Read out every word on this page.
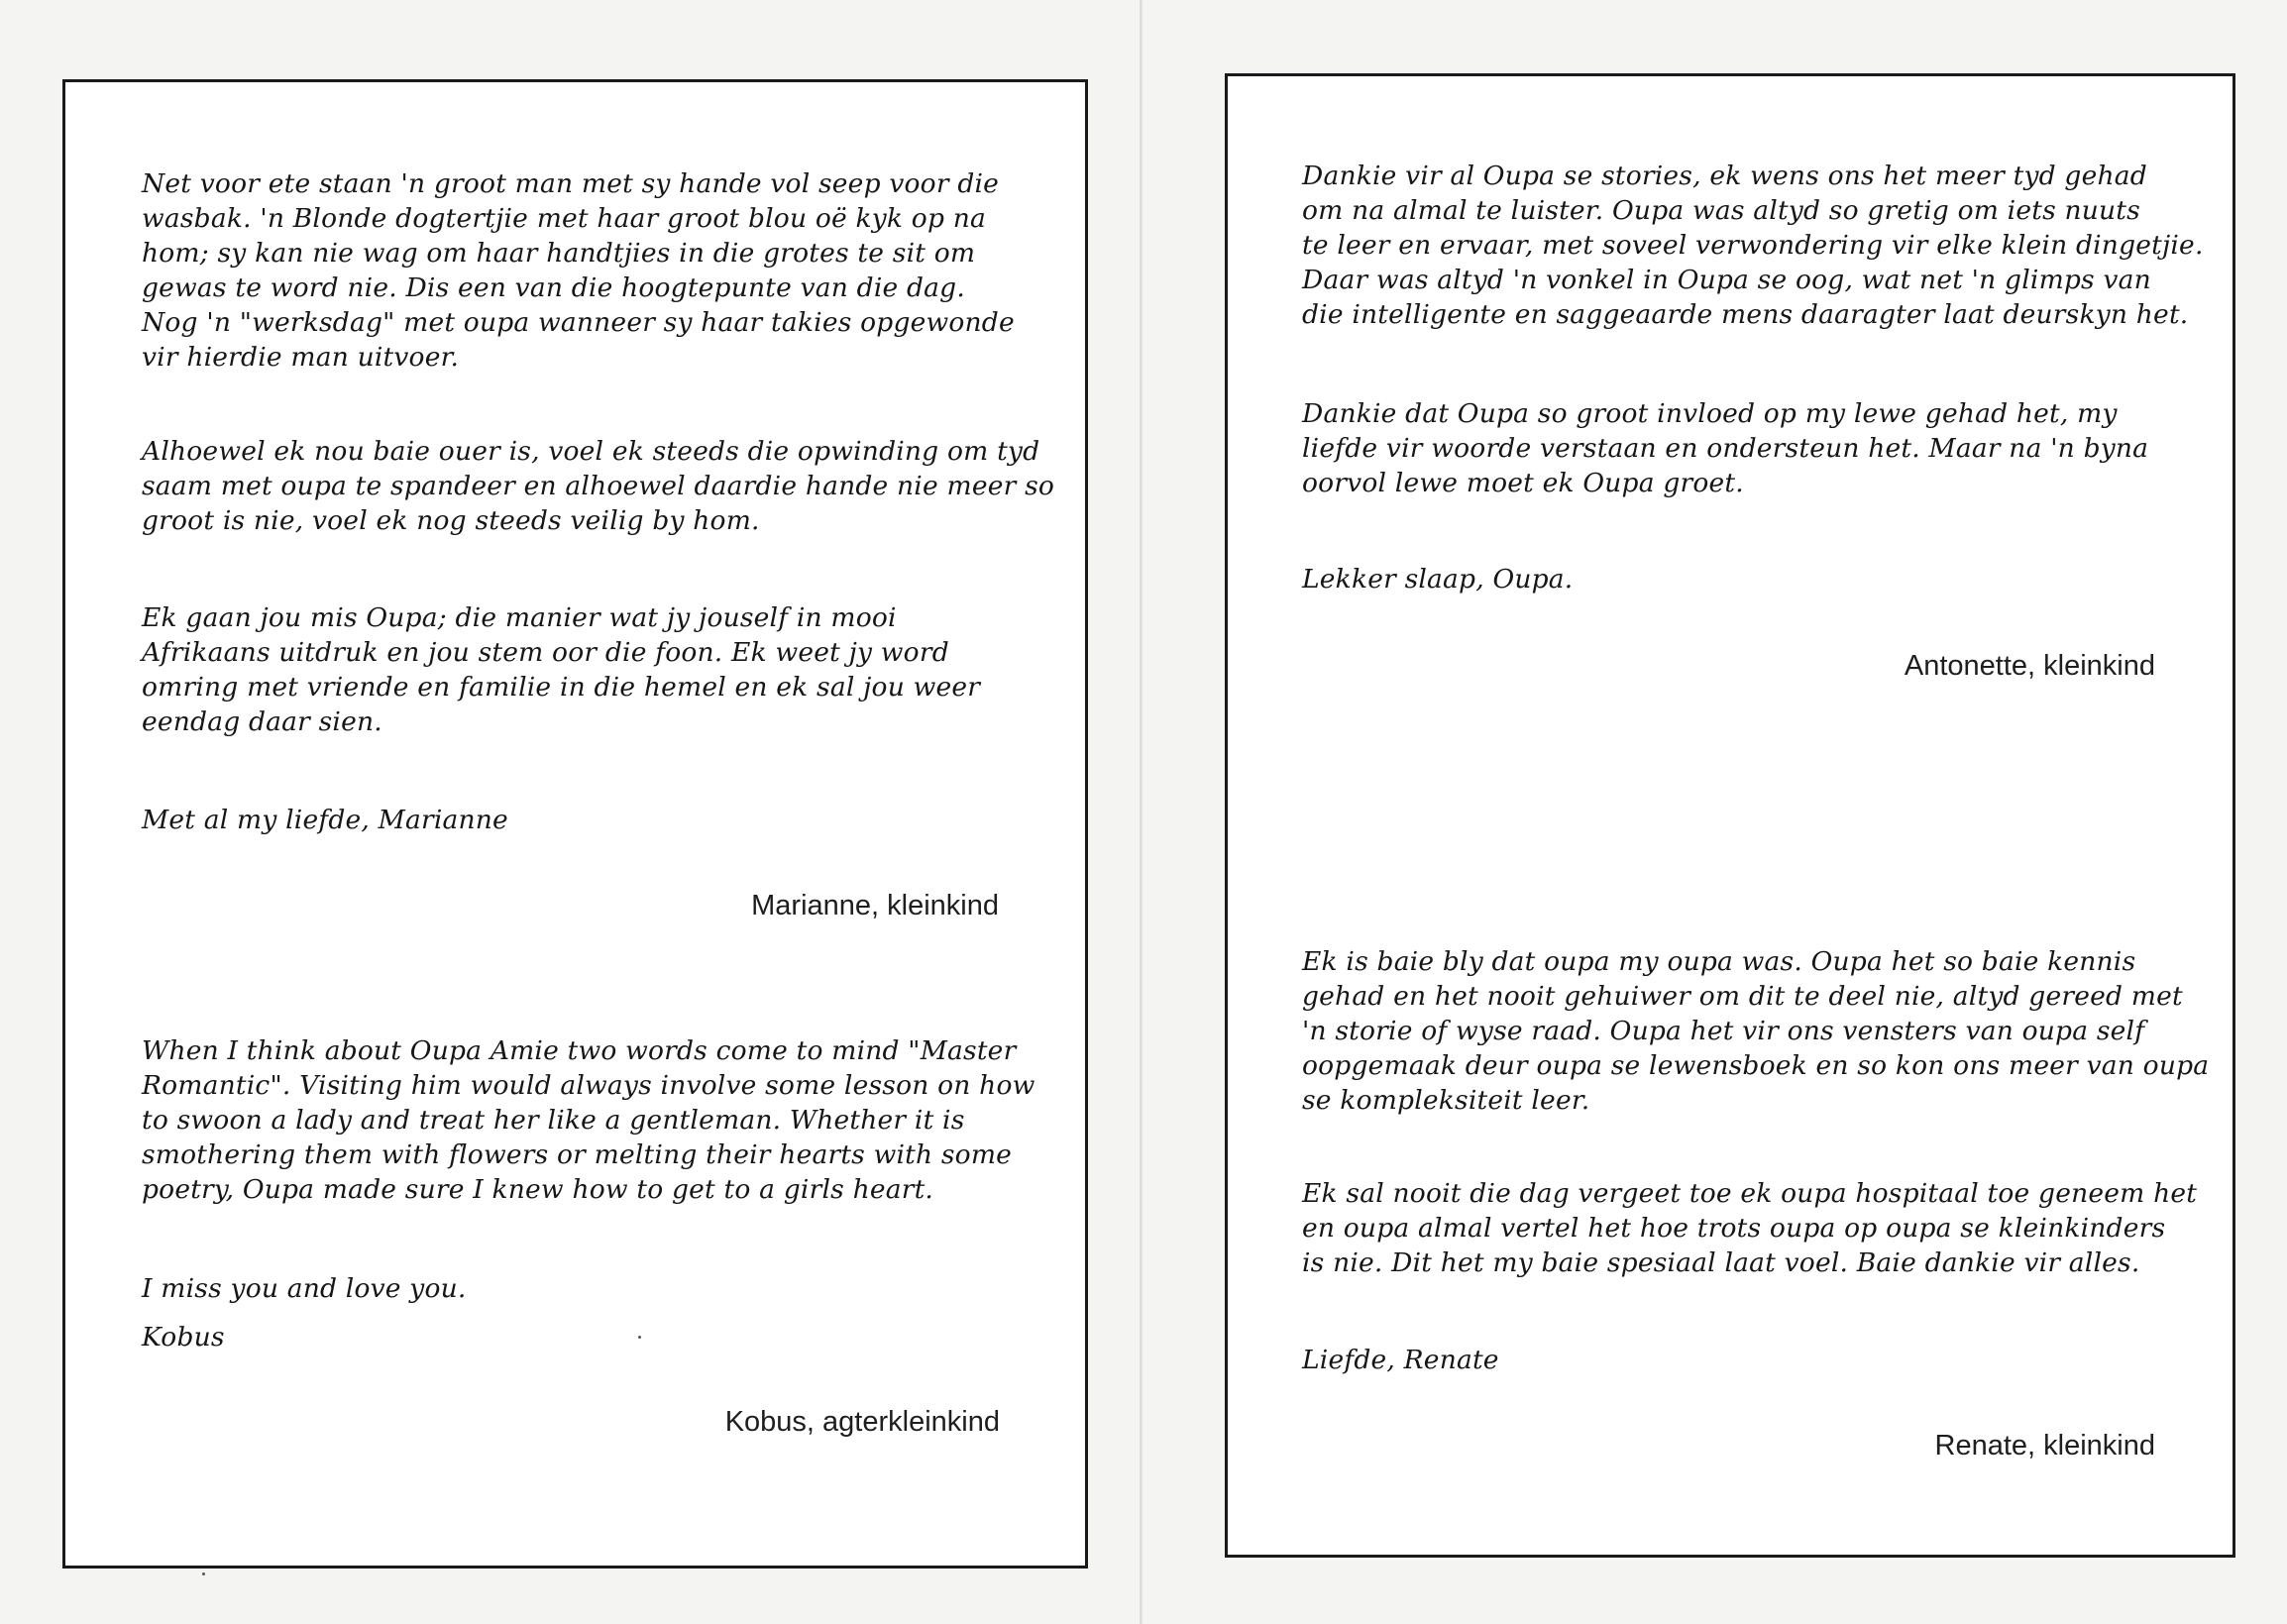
Net voor ete staan 'n groot man met sy hande vol seep voor die
wasbak. 'n Blonde dogtertjie met haar groot blou oë kyk op na
hom; sy kan nie wag om haar handtjies in die grotes te sit om
gewas te word nie. Dis een van die hoogtepunte van die dag.
Nog 'n "werksdag" met oupa wanneer sy haar takies opgewonde
vir hierdie man uitvoer.

Alhoewel ek nou baie ouer is, voel ek steeds die opwinding om tyd
saam met oupa te spandeer en alhoewel daardie hande nie meer so
groot is nie, voel ek nog steeds veilig by hom.

Ek gaan jou mis Oupa; die manier wat jy jouself in mooi
Afrikaans uitdruk en jou stem oor die foon. Ek weet jy word
omring met vriende en familie in die hemel en ek sal jou weer
eendag daar sien.

Met al my liefde, Marianne

Marianne, kleinkind

When I think about Oupa Amie two words come to mind "Master
Romantic". Visiting him would always involve some lesson on how
to swoon a lady and treat her like a gentleman. Whether it is
smothering them with flowers or melting their hearts with some
poetry, Oupa made sure I knew how to get to a girls heart.

I miss you and love you.

Kobus

Kobus, agterkleinkind

Dankie vir al Oupa se stories, ek wens ons het meer tyd gehad
om na almal te luister. Oupa was altyd so gretig om iets nuuts
te leer en ervaar, met soveel verwondering vir elke klein dingetjie.
Daar was altyd 'n vonkel in Oupa se oog, wat net 'n glimps van
die intelligente en saggeaarde mens daaragter laat deurskyn het.

Dankie dat Oupa so groot invloed op my lewe gehad het, my
liefde vir woorde verstaan en ondersteun het. Maar na 'n byna
oorvol lewe moet ek Oupa groet.

Lekker slaap, Oupa.

Antonette, kleinkind

Ek is baie bly dat oupa my oupa was. Oupa het so baie kennis
gehad en het nooit gehuiwer om dit te deel nie, altyd gereed met
'n storie of wyse raad. Oupa het vir ons vensters van oupa self
oopgemaak deur oupa se lewensboek en so kon ons meer van oupa
se kompleksiteit leer.

Ek sal nooit die dag vergeet toe ek oupa hospitaal toe geneem het
en oupa almal vertel het hoe trots oupa op oupa se kleinkinders
is nie. Dit het my baie spesiaal laat voel. Baie dankie vir alles.

Liefde, Renate

Renate, kleinkind
